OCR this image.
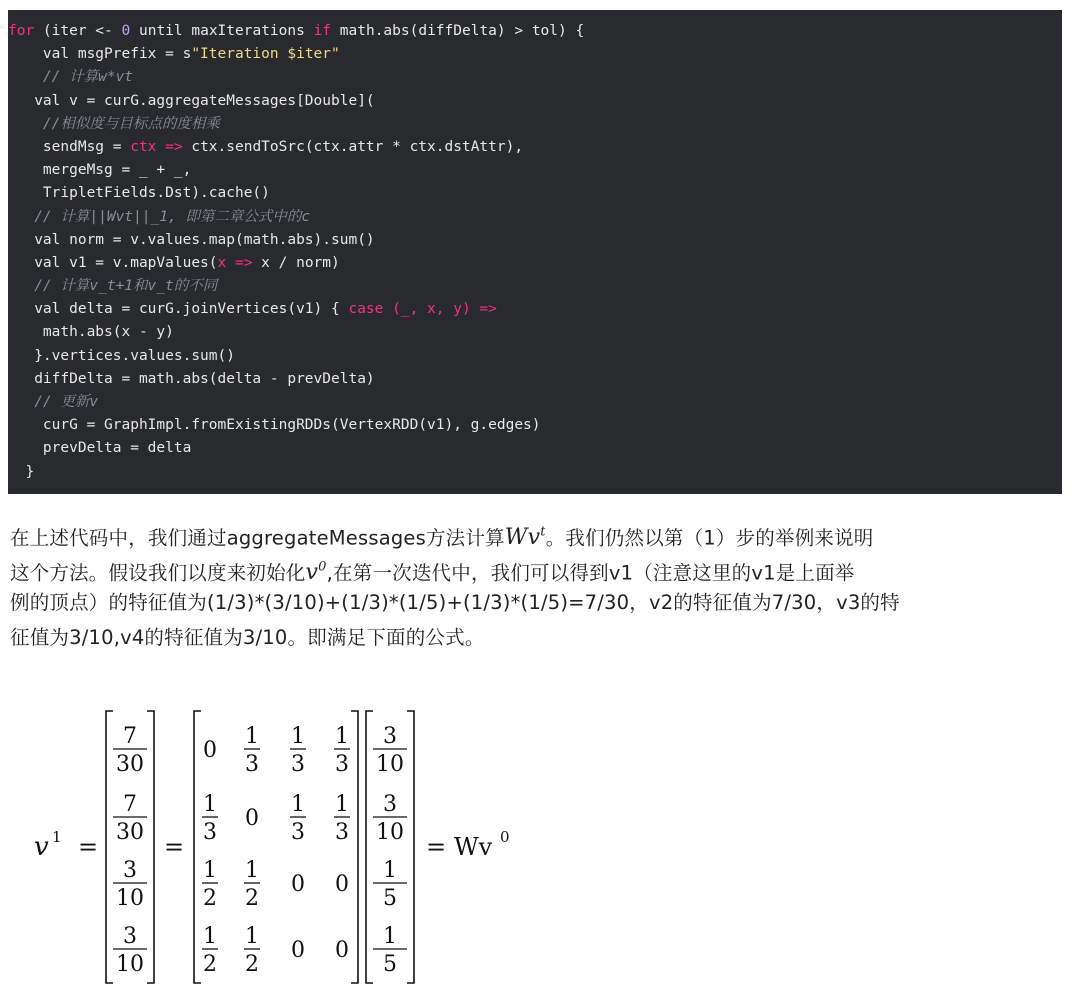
for (iter <- 0 until maxIterations if math.abs(diffDelta) > tol) {
val msgPrefix = s"Iteration $iter"
// 计算w*vt
val v = curG.aggregateMessages[Double](
//相似度与目标点的度相乘
sendMsg = ctx => ctx.sendToSrc(ctx.attr * ctx.dstAttr),
mergeMsg = _ + _,
TripletFields.Dst).cache()
// 计算||Wvt||_1, 即第二章公式中的c
val norm = v.values.map(math.abs).sum()
val v1 = v.mapValues(x => x / norm)
// 计算v_t+1和v_t的不同
val delta = curG.joinVertices(v1) { case (_, x, y) =>
math.abs(x - y)
}.vertices.values.sum()
diffDelta = math.abs(delta - prevDelta)
// 更新v
curG = GraphImpl.fromExistingRDDs(VertexRDD(v1), g.edges)
prevDelta = delta
}
在上述代码中，我们通过aggregateMessages方法计算Wv$^t$。我们仍然以第（1）步的举例来说明
这个方法。假设我们以度来初始化$v^0$,在第一次迭代中，我们可以得到v1（注意这里的v1是上面举
例的顶点）的特征值为(1/3)*(3/10)+(1/3)*(1/5)+(1/3)*(1/5)=7/30，v2的特征值为7/30，v3的特
征值为3/10,v4的特征值为3/10。即满足下面的公式。
v 1 =
7
30
7
30
3
10
3
10
=
0
1
3
1
3
1
3
1
3
0
1
3
1
3
1
2
1
2
0 0
1
2
1
2
0 0
3
10
3
10
1
5
1
5
= Wv 0
